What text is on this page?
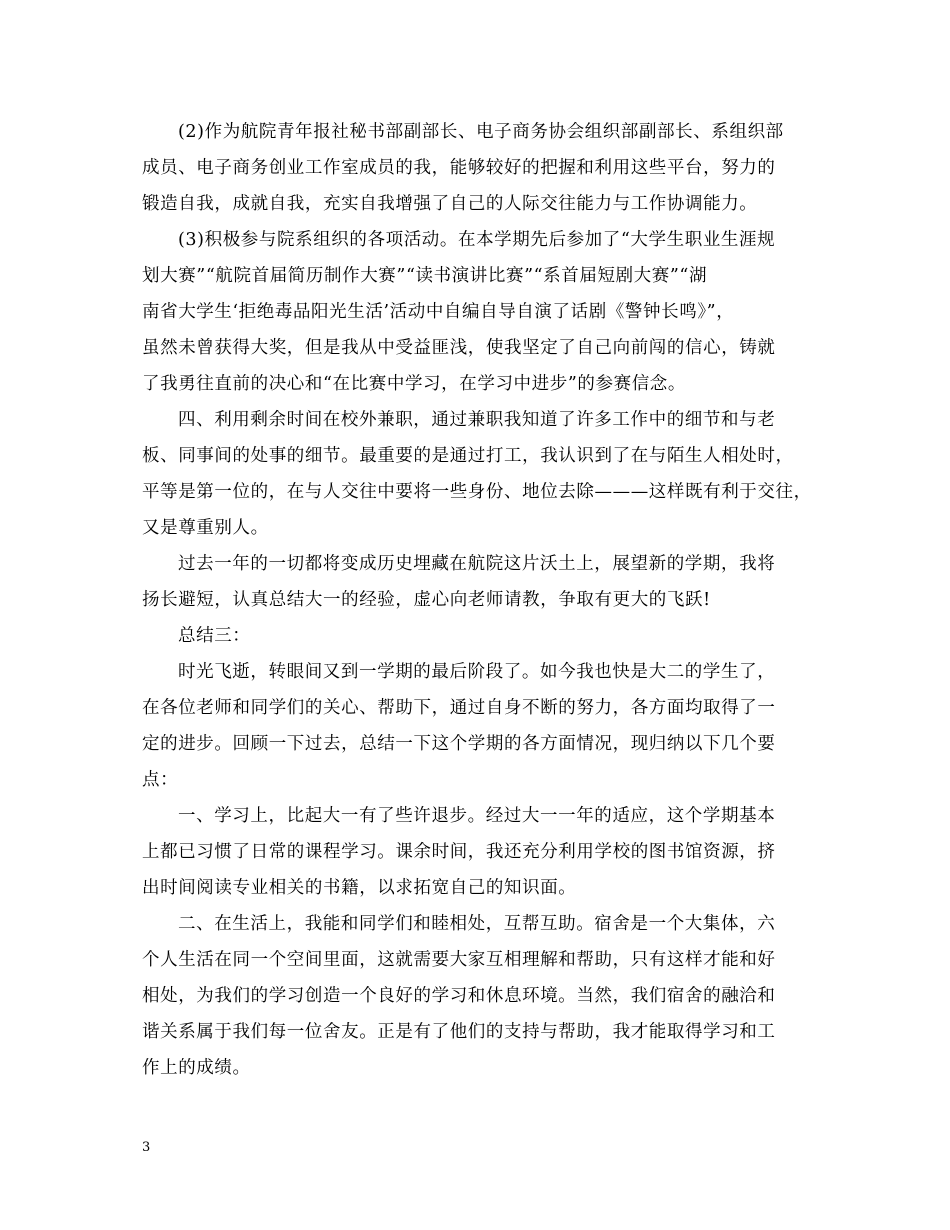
(2)作为航院青年报社秘书部副部长、电子商务协会组织部副部长、系组织部
成员、电子商务创业工作室成员的我，能够较好的把握和利用这些平台，努力的
锻造自我，成就自我，充实自我增强了自己的人际交往能力与工作协调能力。
(3)积极参与院系组织的各项活动。在本学期先后参加了“大学生职业生涯规
划大赛”“航院首届简历制作大赛”“读书演讲比赛”“系首届短剧大赛”“湖
南省大学生‘拒绝毒品阳光生活’活动中自编自导自演了话剧《警钟长鸣》”，
虽然未曾获得大奖，但是我从中受益匪浅，使我坚定了自己向前闯的信心，铸就
了我勇往直前的决心和“在比赛中学习，在学习中进步”的参赛信念。
四、利用剩余时间在校外兼职，通过兼职我知道了许多工作中的细节和与老
板、同事间的处事的细节。最重要的是通过打工，我认识到了在与陌生人相处时，
平等是第一位的，在与人交往中要将一些身份、地位去除———这样既有利于交往，
又是尊重别人。
过去一年的一切都将变成历史埋藏在航院这片沃土上，展望新的学期，我将
扬长避短，认真总结大一的经验，虚心向老师请教，争取有更大的飞跃!
总结三：
时光飞逝，转眼间又到一学期的最后阶段了。如今我也快是大二的学生了，
在各位老师和同学们的关心、帮助下，通过自身不断的努力，各方面均取得了一
定的进步。回顾一下过去，总结一下这个学期的各方面情况，现归纳以下几个要
点：
一、学习上，比起大一有了些许退步。经过大一一年的适应，这个学期基本
上都已习惯了日常的课程学习。课余时间，我还充分利用学校的图书馆资源，挤
出时间阅读专业相关的书籍，以求拓宽自己的知识面。
二、在生活上，我能和同学们和睦相处，互帮互助。宿舍是一个大集体，六
个人生活在同一个空间里面，这就需要大家互相理解和帮助，只有这样才能和好
相处，为我们的学习创造一个良好的学习和休息环境。当然，我们宿舍的融洽和
谐关系属于我们每一位舍友。正是有了他们的支持与帮助，我才能取得学习和工
作上的成绩。
3
